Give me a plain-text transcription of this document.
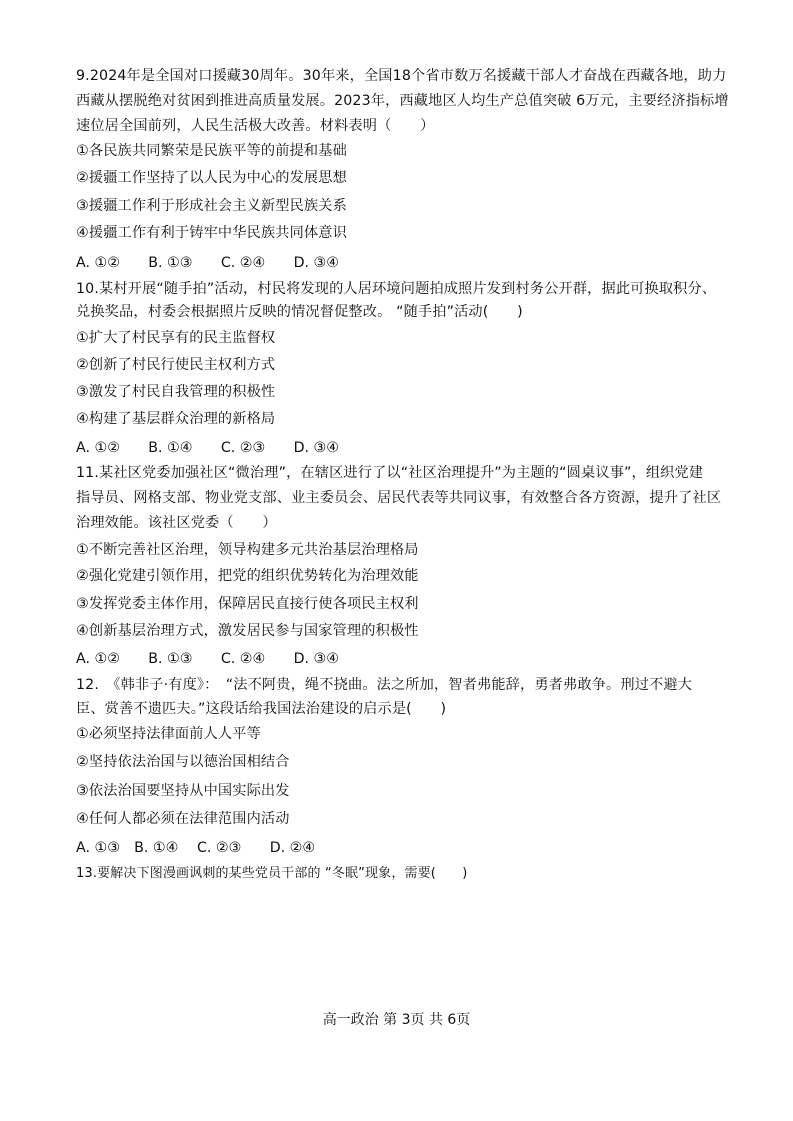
9.2024年是全国对口援藏30周年。30年来，全国18个省市数万名援藏干部人才奋战在西藏各地，助力
西藏从摆脱绝对贫困到推进高质量发展。2023年，西藏地区人均生产总值突破 6万元，主要经济指标增
速位居全国前列，人民生活极大改善。材料表明（　　）
①各民族共同繁荣是民族平等的前提和基础
②援疆工作坚持了以人民为中心的发展思想
③援疆工作利于形成社会主义新型民族关系
④援疆工作有利于铸牢中华民族共同体意识
A. ①②　　B. ①③　　C. ②④　　D. ③④
10.某村开展“随手拍”活动，村民将发现的人居环境问题拍成照片发到村务公开群，据此可换取积分、
兑换奖品，村委会根据照片反映的情况督促整改。 “随手拍”活动(　　)
①扩大了村民享有的民主监督权
②创新了村民行使民主权利方式
③激发了村民自我管理的积极性
④构建了基层群众治理的新格局
A. ①②　　B. ①④　　C. ②③　　D. ③④
11.某社区党委加强社区“微治理”，在辖区进行了以“社区治理提升”为主题的“圆桌议事”，组织党建
指导员、网格支部、物业党支部、业主委员会、居民代表等共同议事，有效整合各方资源，提升了社区
治理效能。该社区党委（　　）
①不断完善社区治理，领导构建多元共治基层治理格局
②强化党建引领作用，把党的组织优势转化为治理效能
③发挥党委主体作用，保障居民直接行使各项民主权利
④创新基层治理方式，激发居民参与国家管理的积极性
A. ①②　　B. ①③　　C. ②④　　D. ③④
12.　《韩非子·有度》：　“法不阿贵，绳不挠曲。法之所加，智者弗能辞，勇者弗敢争。刑过不避大
臣、赏善不遗匹夫。”这段话给我国法治建设的启示是(　　)
①必须坚持法律面前人人平等
②坚持依法治国与以德治国相结合
③依法治国要坚持从中国实际出发
④任何人都必须在法律范围内活动
A. ①③　B. ①④　 C. ②③　　D. ②④
13.要解决下图漫画讽刺的某些党员干部的 “冬眠”现象，需要(　　)
高一政治 第 3页 共 6页
